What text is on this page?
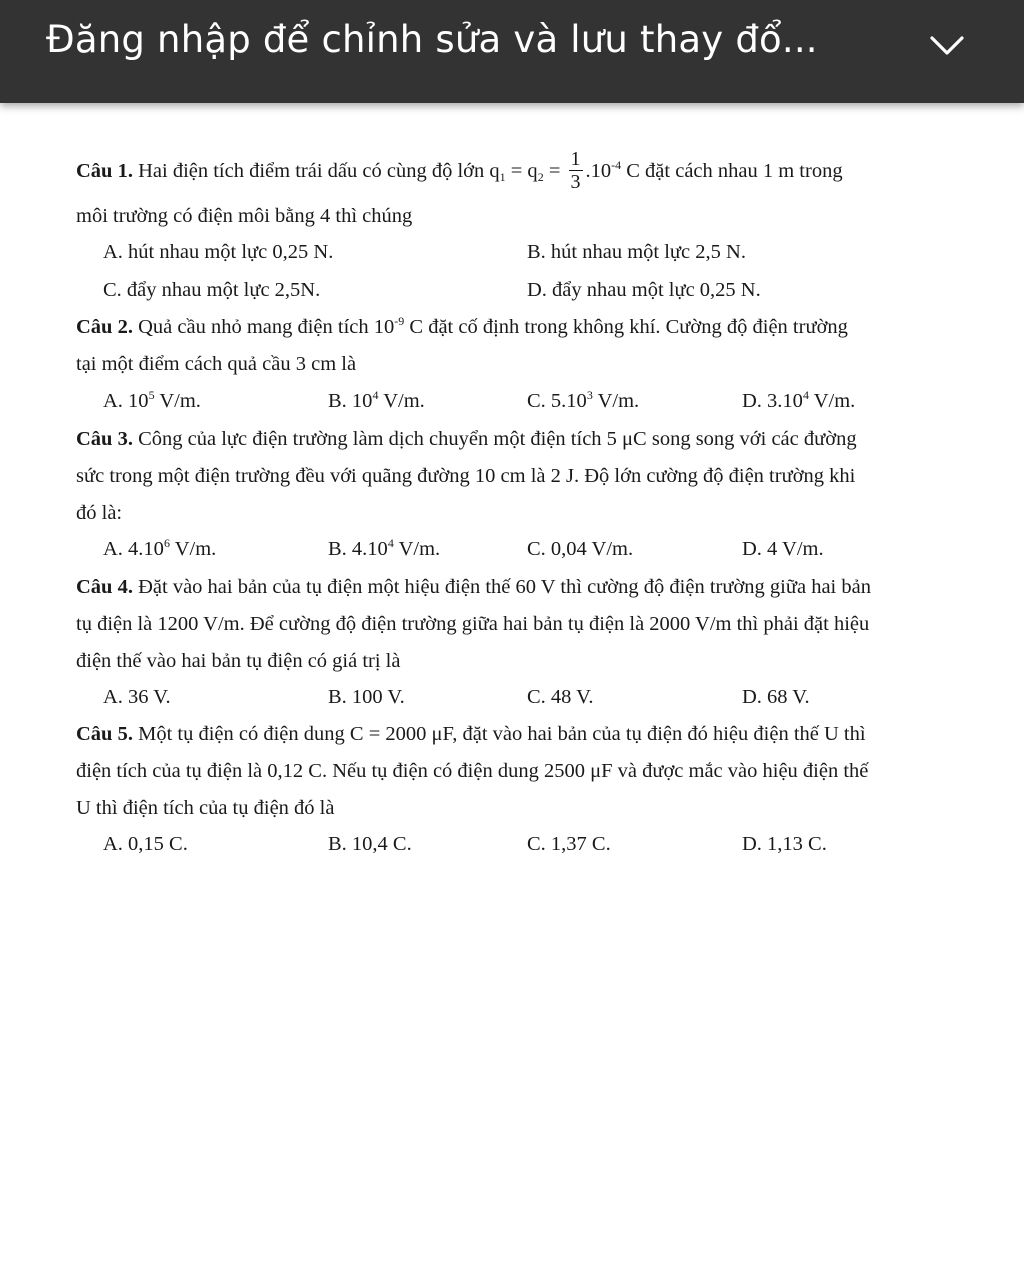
Đăng nhập để chỉnh sửa và lưu thay đổ...
Câu 1. Hai điện tích điểm trái dấu có cùng độ lớn $q_1 = q_2 = \frac{1}{3} .10^{-4}$ C đặt cách nhau 1 m trong
môi trường có điện môi bằng 4 thì chúng
A. hút nhau một lực 0,25 N.	B. hút nhau một lực 2,5 N.
C. đẩy nhau một lực 2,5N.	D. đẩy nhau một lực 0,25 N.
Câu 2. Quả cầu nhỏ mang điện tích $10^{-9}$ C đặt cố định trong không khí. Cường độ điện trường
tại một điểm cách quả cầu 3 cm là
A. $10^5$ V/m.	B. $10^4$ V/m.	C. 5.10$^3$ V/m.	D. 3.10$^4$ V/m.
Câu 3. Công của lực điện trường làm dịch chuyển một điện tích 5 μC song song với các đường
sức trong một điện trường đều với quãng đường 10 cm là 2 J. Độ lớn cường độ điện trường khi
đó là:
A. 4.10$^6$ V/m.	B. 4.10$^4$ V/m.	C. 0,04 V/m.	D. 4 V/m.
Câu 4. Đặt vào hai bản của tụ điện một hiệu điện thế 60 V thì cường độ điện trường giữa hai bản
tụ điện là 1200 V/m. Để cường độ điện trường giữa hai bản tụ điện là 2000 V/m thì phải đặt hiệu
điện thế vào hai bản tụ điện có giá trị là
A. 36 V.	B. 100 V.	C. 48 V.	D. 68 V.
Câu 5. Một tụ điện có điện dung C = 2000 μF, đặt vào hai bản của tụ điện đó hiệu điện thế U thì
điện tích của tụ điện là 0,12 C. Nếu tụ điện có điện dung 2500 μF và được mắc vào hiệu điện thế
U thì điện tích của tụ điện đó là
A. 0,15 C.	B. 10,4 C.	C. 1,37 C.	D. 1,13 C.
